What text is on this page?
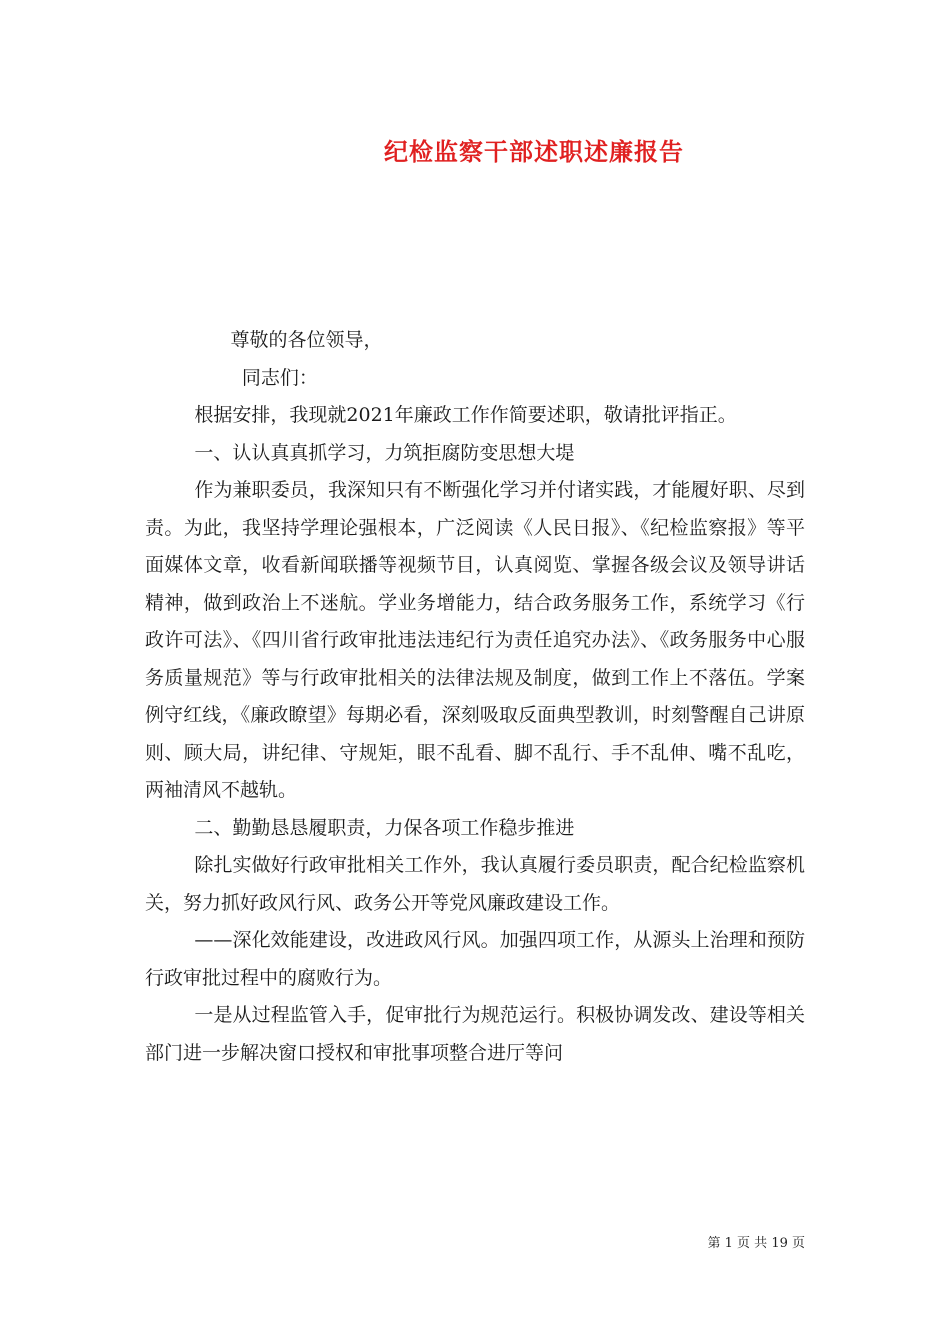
纪检监察干部述职述廉报告

尊敬的各位领导，

同志们：

根据安排，我现就2021年廉政工作作简要述职，敬请批评指正。

一、认认真真抓学习，力筑拒腐防变思想大堤

作为兼职委员，我深知只有不断强化学习并付诸实践，才能履好职、尽到责。为此，我坚持学理论强根本，广泛阅读《人民日报》、《纪检监察报》等平面媒体文章，收看新闻联播等视频节目，认真阅览、掌握各级会议及领导讲话精神，做到政治上不迷航。学业务增能力，结合政务服务工作，系统学习《行政许可法》、《四川省行政审批违法违纪行为责任追究办法》、《政务服务中心服务质量规范》等与行政审批相关的法律法规及制度，做到工作上不落伍。学案例守红线，《廉政瞭望》每期必看，深刻吸取反面典型教训，时刻警醒自己讲原则、顾大局，讲纪律、守规矩，眼不乱看、脚不乱行、手不乱伸、嘴不乱吃，两袖清风不越轨。

二、勤勤恳恳履职责，力保各项工作稳步推进

除扎实做好行政审批相关工作外，我认真履行委员职责，配合纪检监察机关，努力抓好政风行风、政务公开等党风廉政建设工作。

——深化效能建设，改进政风行风。加强四项工作，从源头上治理和预防行政审批过程中的腐败行为。

一是从过程监管入手，促审批行为规范运行。积极协调发改、建设等相关部门进一步解决窗口授权和审批事项整合进厅等问

第 1 页 共 19 页
